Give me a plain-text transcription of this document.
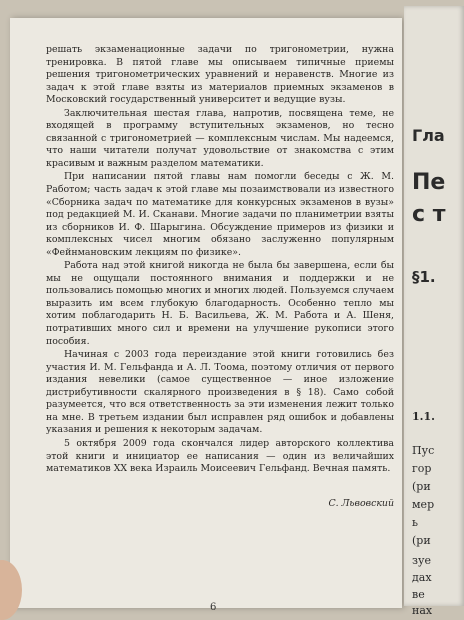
решать экзаменационные задачи по тригонометрии, нужна тренировка. В пятой главе мы описываем типичные приемы решения тригонометрических уравнений и неравенств. Многие из задач к этой главе взяты из материалов приемных экзаменов в Московский государственный университет и ведущие вузы.

Заключительная шестая глава, напротив, посвящена теме, не входящей в программу вступительных экзаменов, но тесно связанной с тригонометрией — комплексным числам. Мы надеемся, что наши читатели получат удовольствие от знакомства с этим красивым и важным разделом математики.

При написании пятой главы нам помогли беседы с Ж. М. Работом; часть задач к этой главе мы позаимствовали из известного «Сборника задач по математике для конкурсных экзаменов в вузы» под редакцией М. И. Сканави. Многие задачи по планиметрии взяты из сборников И. Ф. Шарыгина. Обсуждение примеров из физики и комплексных чисел многим обязано заслуженно популярным «Фейнмановским лекциям по физике».

Работа над этой книгой никогда не была бы завершена, если бы мы не ощущали постоянного внимания и поддержки и не пользовались помощью многих и многих людей. Пользуемся случаем выразить им всем глубокую благодарность. Особенно тепло мы хотим поблагодарить Н. Б. Васильева, Ж. М. Работа и А. Шеня, потративших много сил и времени на улучшение рукописи этого пособия.

Начиная с 2003 года переиздание этой книги готовились без участия И. М. Гельфанда и А. Л. Тоома, поэтому отличия от первого издания невелики (самое существенное — иное изложение дистрибутивности скалярного произведения в § 18). Само собой разумеется, что вся ответственность за эти изменения лежит только на мне. В третьем издании был исправлен ряд ошибок и добавлены указания и решения к некоторым задачам.

5 октября 2009 года скончался лидер авторского коллектива этой книги и инициатор ее написания — один из величайших математиков XX века Израиль Моисеевич Гельфанд. Вечная память.

С. Львовский

6
Гла
Пе
с т
§1.
1.1.
Пус
гор
(ри
мер
ь
(ри
зуе
дах
ве
нах
